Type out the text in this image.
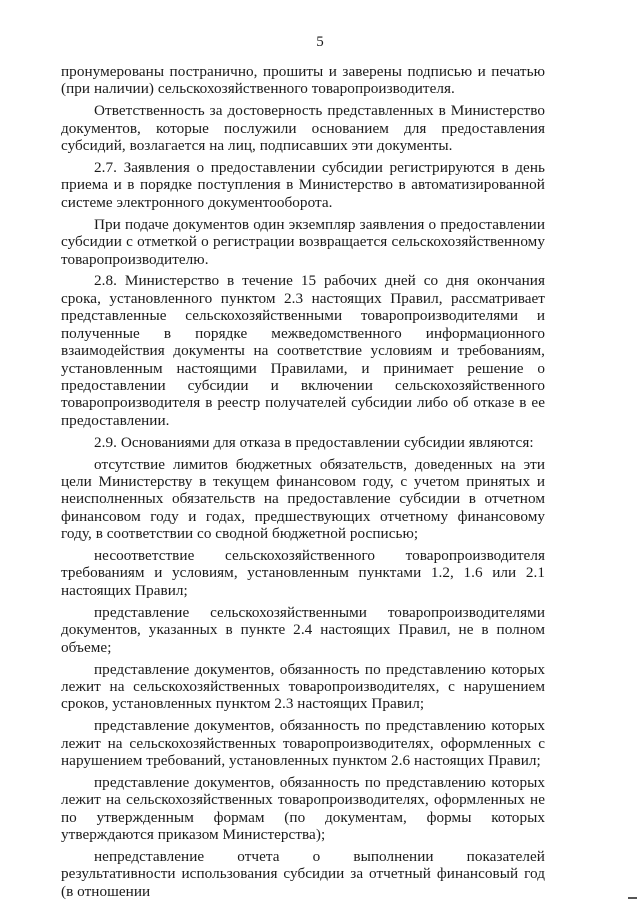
5

пронумерованы постранично, прошиты и заверены подписью и печатью (при наличии) сельскохозяйственного товаропроизводителя.

Ответственность за достоверность представленных в Министерство документов, которые послужили основанием для предоставления субсидий, возлагается на лиц, подписавших эти документы.

2.7. Заявления о предоставлении субсидии регистрируются в день приема и в порядке поступления в Министерство в автоматизированной системе электронного документооборота.

При подаче документов один экземпляр заявления о предоставлении субсидии с отметкой о регистрации возвращается сельскохозяйственному товаропроизводителю.

2.8. Министерство в течение 15 рабочих дней со дня окончания срока, установленного пунктом 2.3 настоящих Правил, рассматривает представленные сельскохозяйственными товаропроизводителями и полученные в порядке межведомственного информационного взаимодействия документы на соответствие условиям и требованиям, установленным настоящими Правилами, и принимает решение о предоставлении субсидии и включении сельскохозяйственного товаропроизводителя в реестр получателей субсидии либо об отказе в ее предоставлении.

2.9. Основаниями для отказа в предоставлении субсидии являются:

отсутствие лимитов бюджетных обязательств, доведенных на эти цели Министерству в текущем финансовом году, с учетом принятых и неисполненных обязательств на предоставление субсидии в отчетном финансовом году и годах, предшествующих отчетному финансовому году, в соответствии со сводной бюджетной росписью;

несоответствие сельскохозяйственного товаропроизводителя требованиям и условиям, установленным пунктами 1.2, 1.6 или 2.1 настоящих Правил;

представление сельскохозяйственными товаропроизводителями документов, указанных в пункте 2.4 настоящих Правил, не в полном объеме;

представление документов, обязанность по представлению которых лежит на сельскохозяйственных товаропроизводителях, с нарушением сроков, установленных пунктом 2.3 настоящих Правил;

представление документов, обязанность по представлению которых лежит на сельскохозяйственных товаропроизводителях, оформленных с нарушением требований, установленных пунктом 2.6 настоящих Правил;

представление документов, обязанность по представлению которых лежит на сельскохозяйственных товаропроизводителях, оформленных не по утвержденным формам (по документам, формы которых утверждаются приказом Министерства);

непредставление отчета о выполнении показателей результативности использования субсидии за отчетный финансовый год (в отношении
